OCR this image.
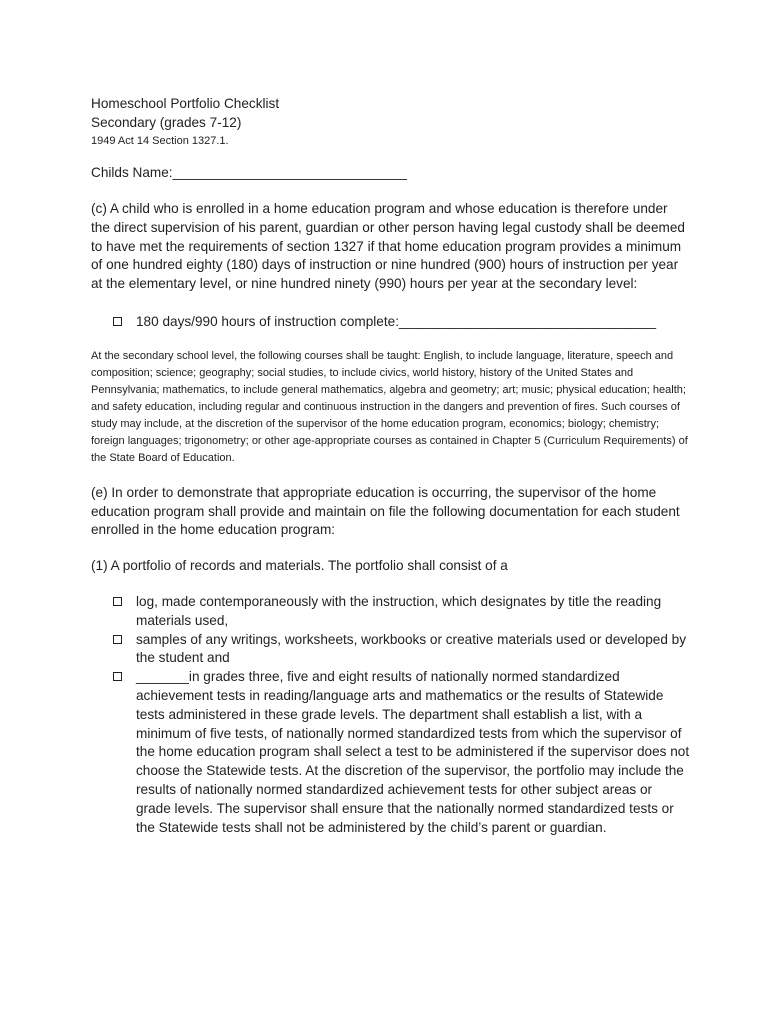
Homeschool Portfolio Checklist
Secondary (grades 7-12)
1949 Act 14 Section 1327.1.
Childs Name:_______________________________

(c) A child who is enrolled in a home education program and whose education is therefore under the direct supervision of his parent, guardian or other person having legal custody shall be deemed to have met the requirements of section 1327 if that home education program provides a minimum of one hundred eighty (180) days of instruction or nine hundred (900) hours of instruction per year at the elementary level, or nine hundred ninety (990) hours per year at the secondary level:

180 days/990 hours of instruction complete:__________________________________

At the secondary school level, the following courses shall be taught: English, to include language, literature, speech and composition; science; geography; social studies, to include civics, world history, history of the United States and Pennsylvania; mathematics, to include general mathematics, algebra and geometry; art; music; physical education; health; and safety education, including regular and continuous instruction in the dangers and prevention of fires. Such courses of study may include, at the discretion of the supervisor of the home education program, economics; biology; chemistry; foreign languages; trigonometry; or other age-appropriate courses as contained in Chapter 5 (Curriculum Requirements) of the State Board of Education.

(e) In order to demonstrate that appropriate education is occurring, the supervisor of the home education program shall provide and maintain on file the following documentation for each student enrolled in the home education program:

(1) A portfolio of records and materials. The portfolio shall consist of a

log, made contemporaneously with the instruction, which designates by title the reading materials used,
samples of any writings, worksheets, workbooks or creative materials used or developed by the student and
_______in grades three, five and eight results of nationally normed standardized achievement tests in reading/language arts and mathematics or the results of Statewide tests administered in these grade levels. The department shall establish a list, with a minimum of five tests, of nationally normed standardized tests from which the supervisor of the home education program shall select a test to be administered if the supervisor does not choose the Statewide tests. At the discretion of the supervisor, the portfolio may include the results of nationally normed standardized achievement tests for other subject areas or grade levels. The supervisor shall ensure that the nationally normed standardized tests or the Statewide tests shall not be administered by the child’s parent or guardian.
